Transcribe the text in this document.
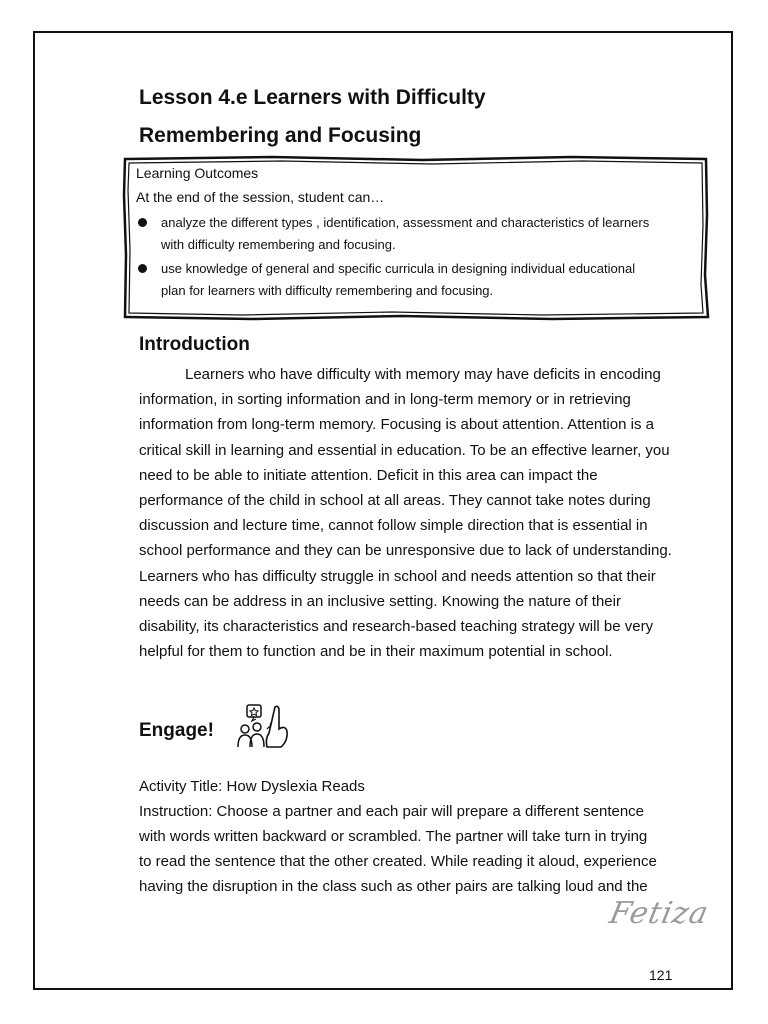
Lesson 4.e Learners with Difficulty
Remembering and Focusing
Learning Outcomes
At the end of the session, student can…
analyze the different types , identification, assessment and characteristics of learners
with difficulty remembering and focusing.
use knowledge of general and specific curricula in designing individual educational
plan for learners with difficulty remembering and focusing.
Introduction

Learners who have difficulty with memory may have deficits in encoding information, in sorting information and in long-term memory or in retrieving information from long-term memory. Focusing is about attention. Attention is a critical skill in learning and essential in education. To be an effective learner, you need to be able to initiate attention. Deficit in this area can impact the performance of the child in school at all areas. They cannot take notes during discussion and lecture time, cannot follow simple direction that is essential in school performance and they can be unresponsive due to lack of understanding. Learners who has difficulty struggle in school and needs attention so that their needs can be address in an inclusive setting. Knowing the nature of their disability, its characteristics and research-based teaching strategy will be very helpful for them to function and be in their maximum potential in school.

Engage!
Activity Title: How Dyslexia Reads
Instruction: Choose a partner and each pair will prepare a different sentence
with words written backward or scrambled. The partner will take turn in trying
to read the sentence that the other created. While reading it aloud, experience
having the disruption in the class such as other pairs are talking loud and the
Fetiza
121
